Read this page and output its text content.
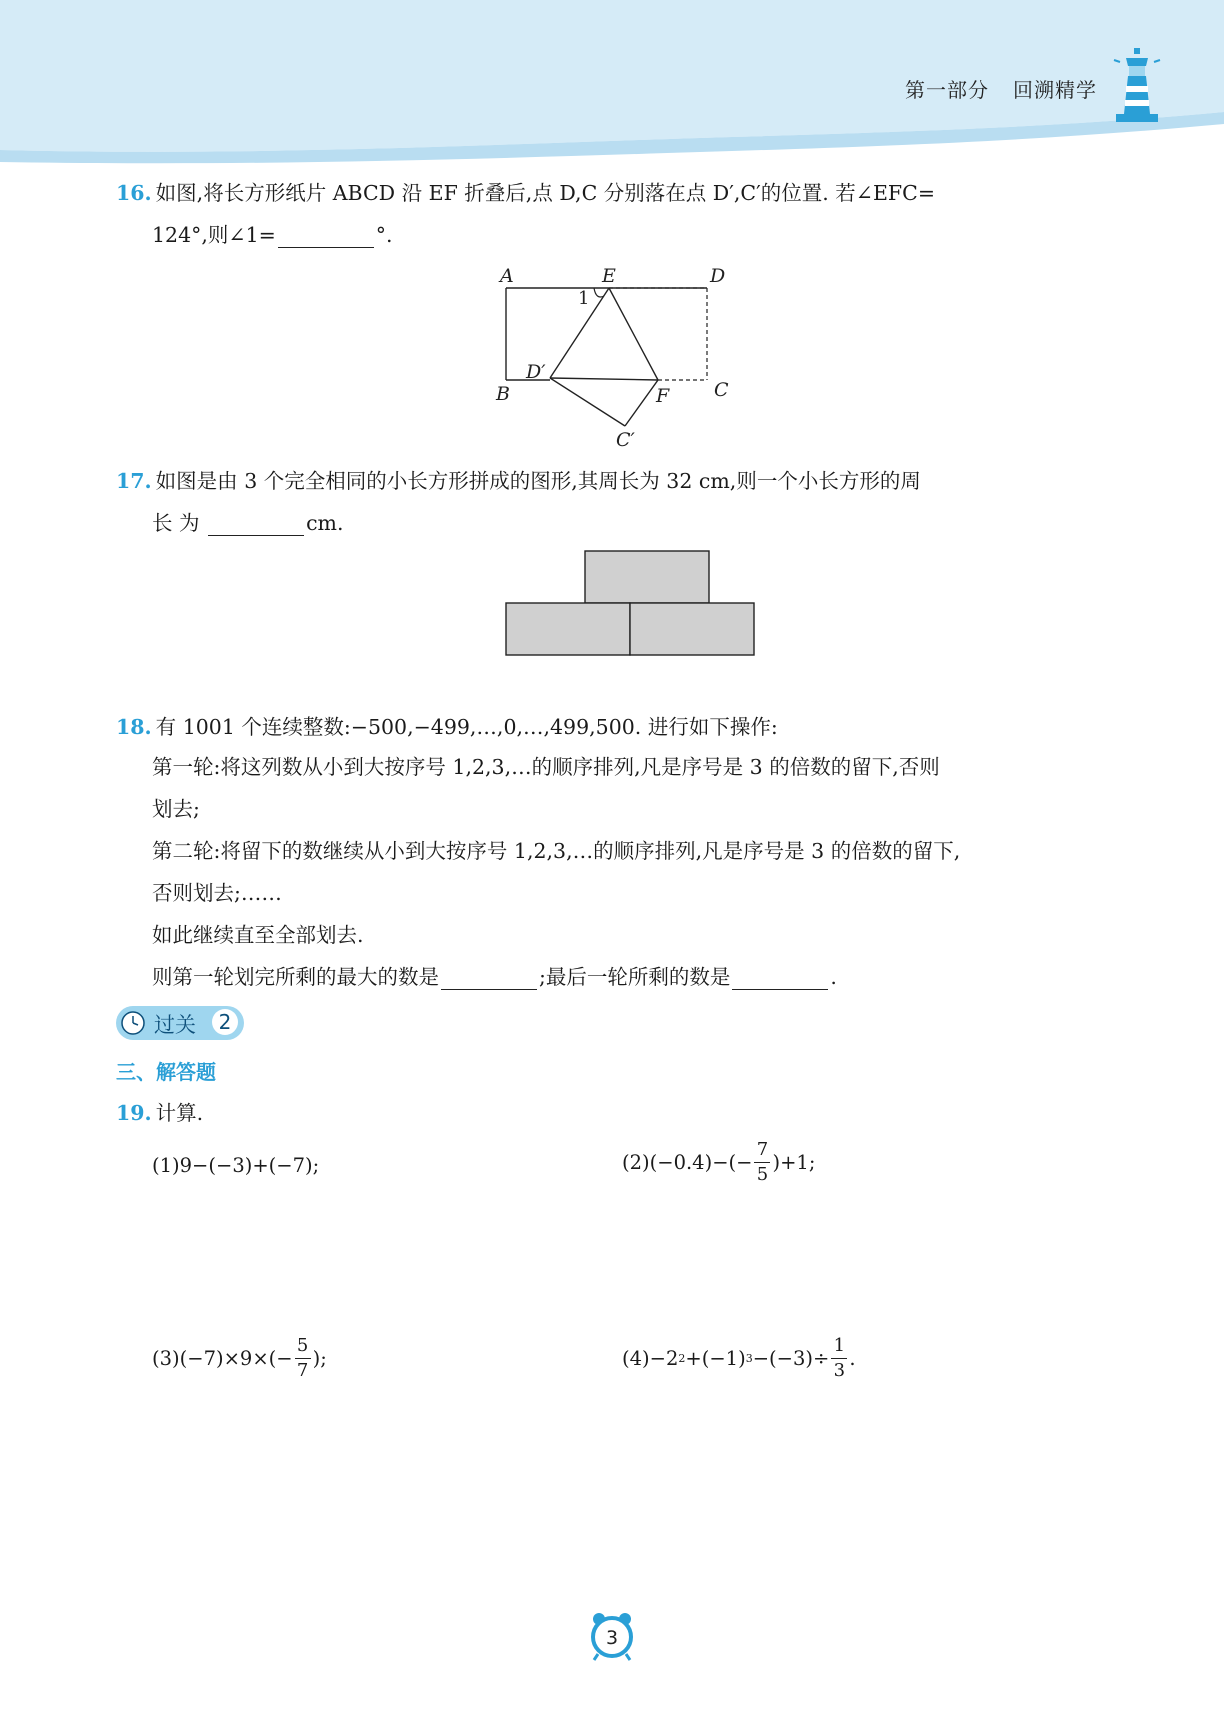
第一部分 回溯精学
16. 如图,将长方形纸片 ABCD 沿 EF 折叠后,点 D,C 分别落在点 D′,C′的位置. 若∠EFC=
124°,则∠1=	°.
A	E	D
D′
B	F C
C′
1
17. 如图是由 3 个完全相同的小长方形拼成的图形,其周长为 32 cm,则一个小长方形的周
长 为	cm.
18. 有 1001 个连续整数:−500,−499,…,0,…,499,500. 进行如下操作:
第一轮:将这列数从小到大按序号 1,2,3,…的顺序排列,凡是序号是 3 的倍数的留下,否则
划去;
第二轮:将留下的数继续从小到大按序号 1,2,3,…的顺序排列,凡是序号是 3 的倍数的留下,
否则划去;……
如此继续直至全部划去.
则第一轮划完所剩的最大的数是	;最后一轮所剩的数是	.
过关	2
三、解答题
19. 计算.
(1)9−(−3)+(−7);	$(2)(-0.4)-(- \frac{7}{5} )+1$;
$(3)(-7)\times 9\times(- \frac{5}{7}$ );	(4)−2 2 +(−1) $3 -(-3)\div \frac{1}{3}$ .
3
